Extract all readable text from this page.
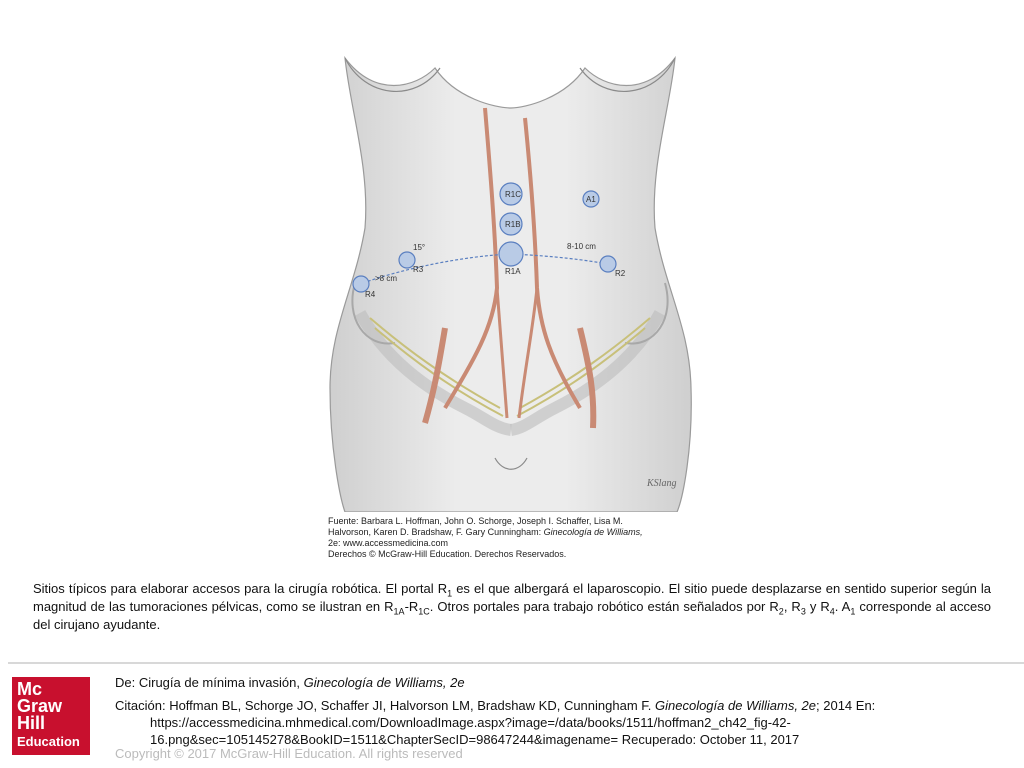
R1C
R1B
R1A
A1
R2
R3
R4
15°	8-10 cm
>8 cm
KSlang
Fuente: Barbara L. Hoffman, John O. Schorge, Joseph I. Schaffer, Lisa M.
Halvorson, Karen D. Bradshaw, F. Gary Cunningham: Ginecología de Williams,
2e: www.accessmedicina.com
Derechos © McGraw-Hill Education. Derechos Reservados.
Sitios típicos para elaborar accesos para la cirugía robótica. El portal $R_1$ es el que albergará el laparoscopio. El sitio puede desplazarse en sentido superior según la magnitud de las tumoraciones pélvicas, como se ilustran en $R_{1A}-R_{1C}$. Otros portales para trabajo robótico están señalados por $R_2$, $R_3$ y $R_4$. $A_1$ corresponde al acceso del cirujano ayudante.
Mc
Graw
Hill
Education
De: Cirugía de mínima invasión, Ginecología de Williams, 2e
Citación: Hoffman BL, Schorge JO, Schaffer JI, Halvorson LM, Bradshaw KD, Cunningham F. Ginecología de Williams, 2e; 2014 En:
https://accessmedicina.mhmedical.com/DownloadImage.aspx?image=/data/books/1511/hoffman2_ch42_fig-42-
16.png&sec=105145278&BookID=1511&ChapterSecID=98647244&imagename= Recuperado: October 11, 2017
Copyright © 2017 McGraw-Hill Education. All rights reserved
